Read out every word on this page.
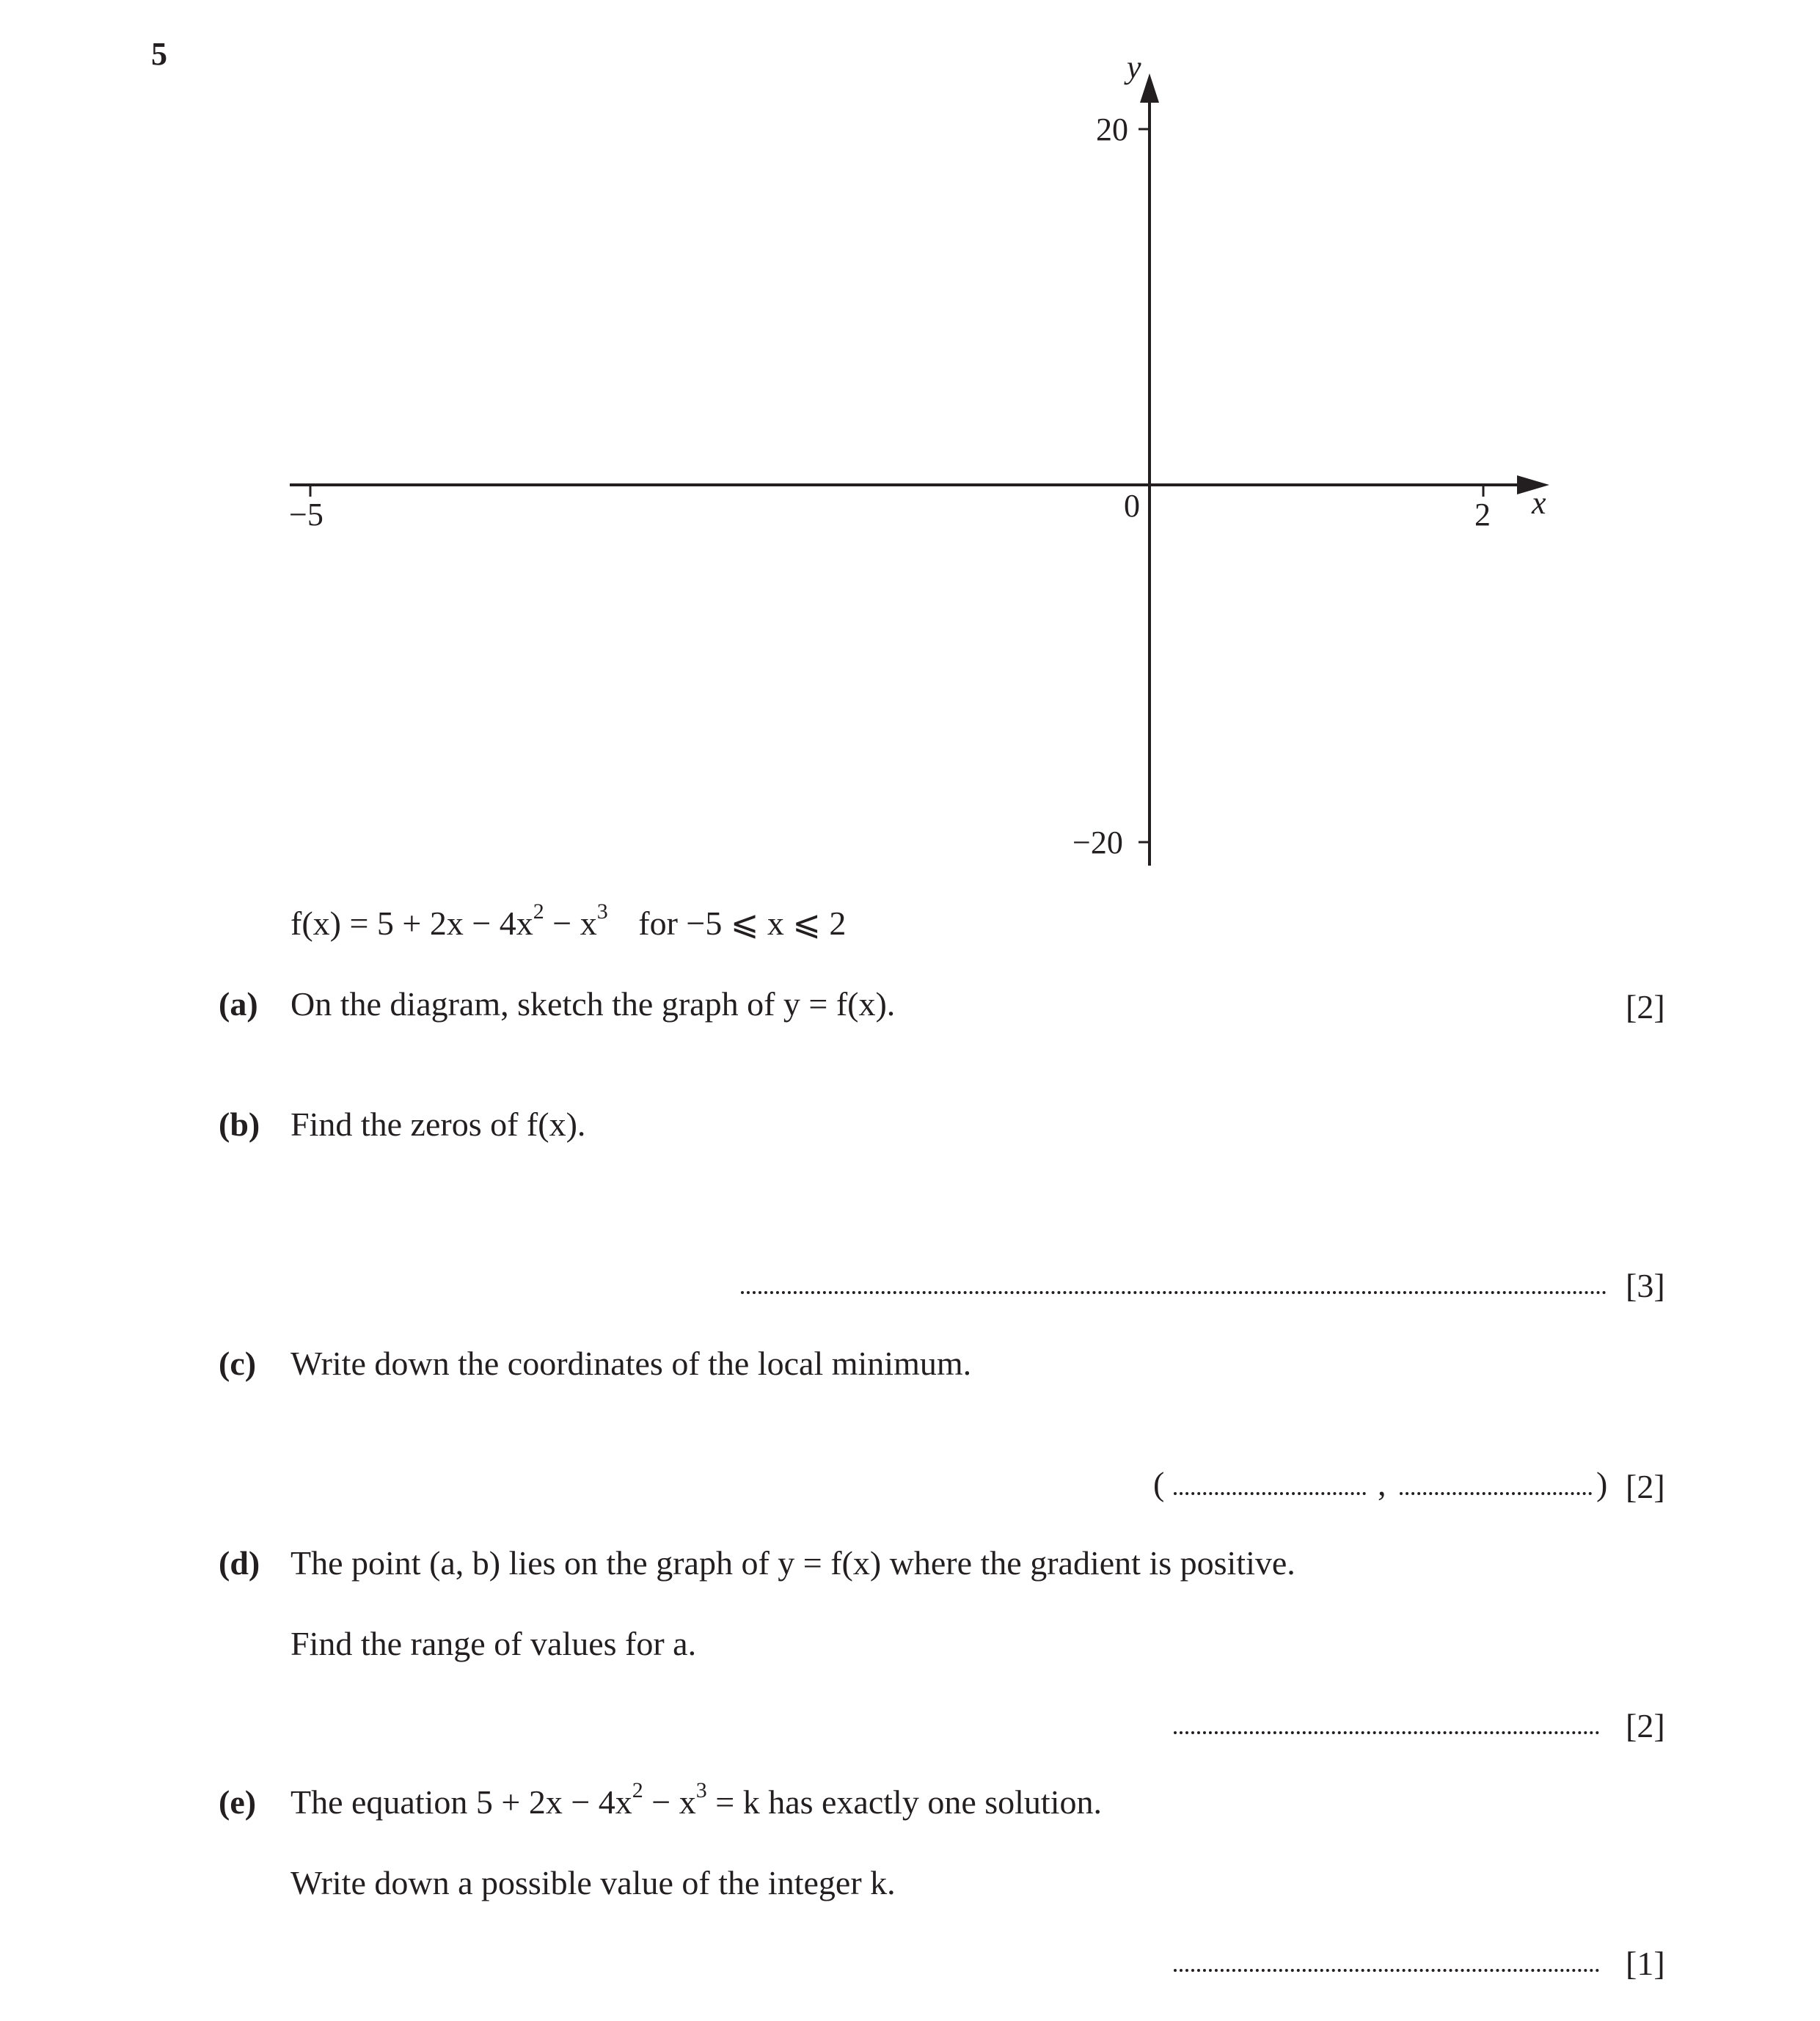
5	y
x
0
−5	2
20
−20
$f(x) = 5 + 2x - 4x^2 - x^3$ for −5 ⩽ x ⩽ 2
(a) On the diagram, sketch the graph of y = f(x).	[2]
(b) Find the zeros of f(x).
[3]
(c) Write down the coordinates of the local minimum.
(	,	) [2]
(d) The point (a, b) lies on the graph of y = f(x) where the gradient is positive.
Find the range of values for a.
[2]
(e) The equation $5 + 2x - 4x^2 - x^3 = k$ has exactly one solution.
Write down a possible value of the integer k.
[1]
